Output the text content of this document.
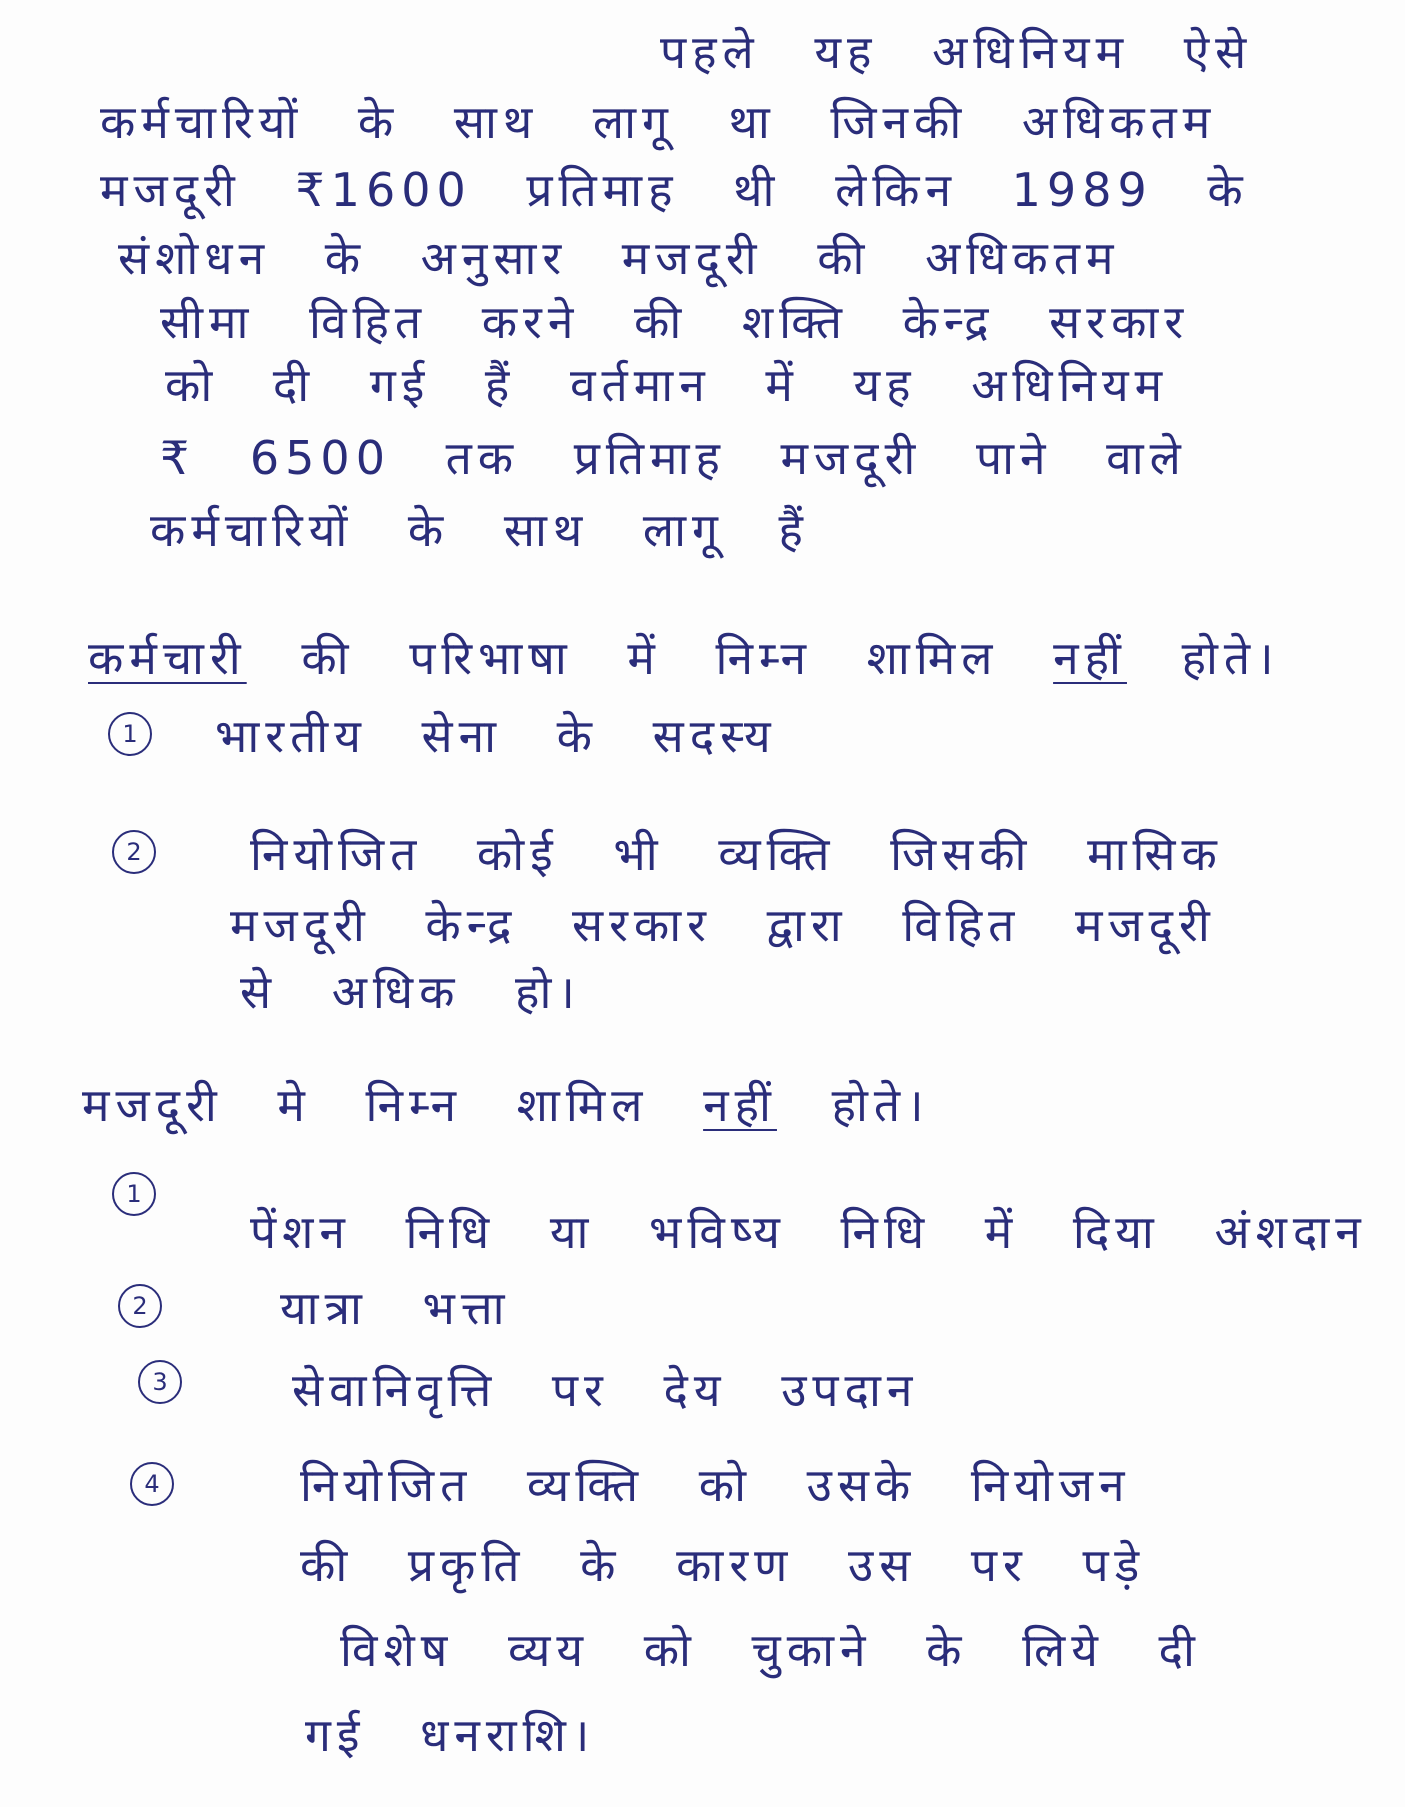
पहले यह अधिनियम ऐसे
कर्मचारियों के साथ लागू था जिनकी अधिकतम
मजदूरी ₹1600 प्रतिमाह थी लेकिन 1989 के
संशोधन के अनुसार मजदूरी की अधिकतम
सीमा विहित करने की शक्ति केन्द्र सरकार
को दी गई हैं वर्तमान में यह अधिनियम
₹ 6500 तक प्रतिमाह मजदूरी पाने वाले
कर्मचारियों के साथ लागू हैं
कर्मचारी की परिभाषा में निम्न शामिल नहीं होते।
1	भारतीय सेना के सदस्य
2	नियोजित कोई भी व्यक्ति जिसकी मासिक
मजदूरी केन्द्र सरकार द्वारा विहित मजदूरी
से अधिक हो।
मजदूरी मे निम्न शामिल नहीं होते।
1
पेंशन निधि या भविष्य निधि में दिया अंशदान
2	यात्रा भत्ता
3	सेवानिवृत्ति पर देय उपदान
4	नियोजित व्यक्ति को उसके नियोजन
की प्रकृति के कारण उस पर पड़े
विशेष व्यय को चुकाने के लिये दी
गई धनराशि।
